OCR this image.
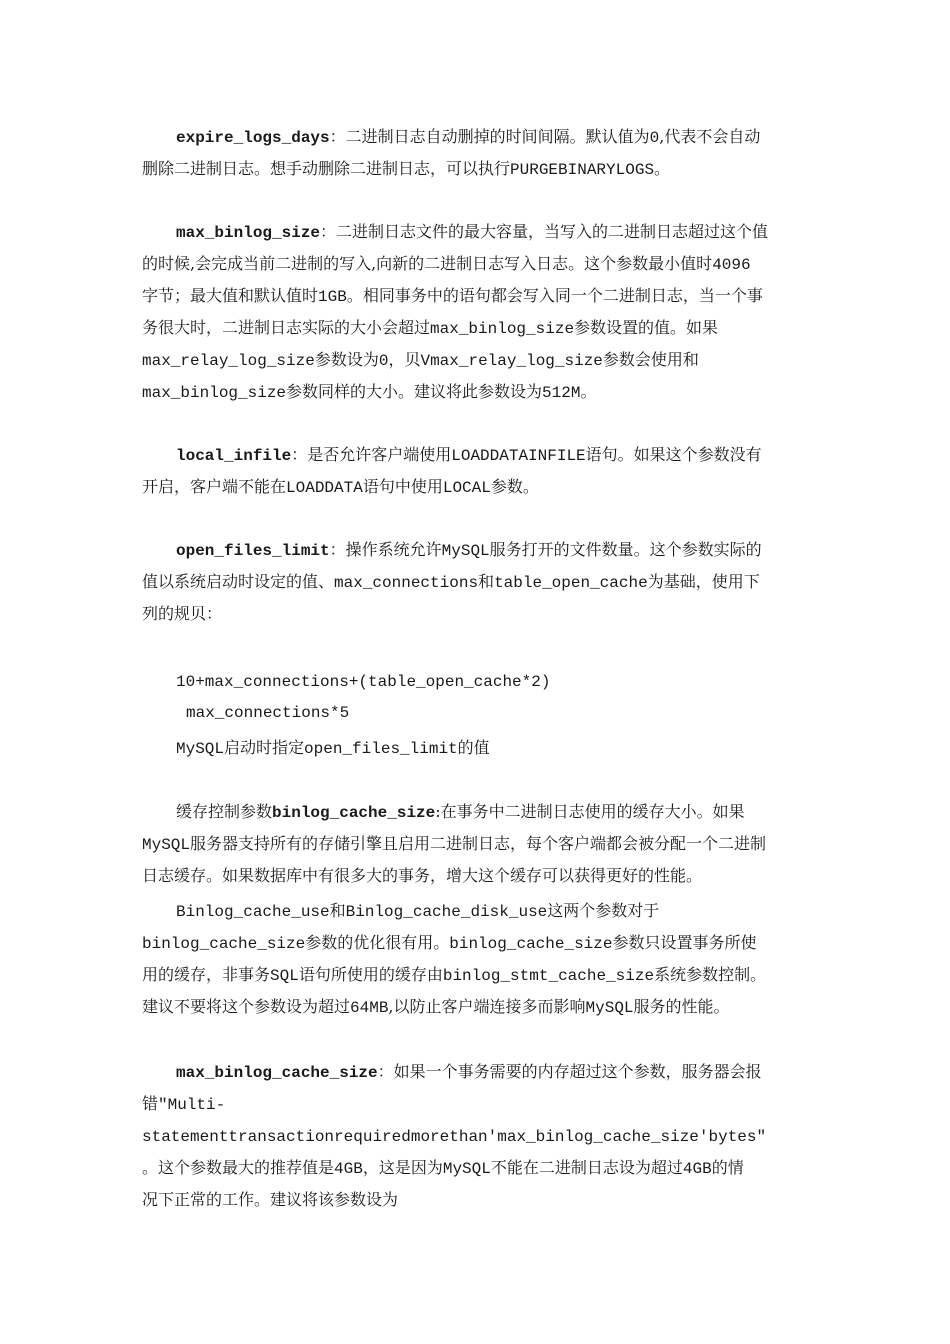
expire_logs_days：二进制日志自动删掉的时间间隔。默认值为0,代表不会自动
删除二进制日志。想手动删除二进制日志，可以执行PURGEBINARYLOGS。
max_binlog_size：二进制日志文件的最大容量，当写入的二进制日志超过这个值
的时候,会完成当前二进制的写入,向新的二进制日志写入日志。这个参数最小值时4096
字节；最大值和默认值时1GB。相同事务中的语句都会写入同一个二进制日志，当一个事
务很大时，二进制日志实际的大小会超过max_binlog_size参数设置的值。如果
max_relay_log_size参数设为0，贝Vmax_relay_log_size参数会使用和
max_binlog_size参数同样的大小。建议将此参数设为512M。
local_infile：是否允许客户端使用LOADDATAINFILE语句。如果这个参数没有
开启，客户端不能在LOADDATA语句中使用LOCAL参数。
open_files_limit：操作系统允许MySQL服务打开的文件数量。这个参数实际的
值以系统启动时设定的值、max_connections和table_open_cache为基础，使用下
列的规贝：
10+max_connections+(table_open_cache*2)
max_connections*5
MySQL启动时指定open_files_limit的值
缓存控制参数binlog_cache_size:在事务中二进制日志使用的缓存大小。如果
MySQL服务器支持所有的存储引擎且启用二进制日志，每个客户端都会被分配一个二进制
日志缓存。如果数据库中有很多大的事务，增大这个缓存可以获得更好的性能。
Binlog_cache_use和Binlog_cache_disk_use这两个参数对于
binlog_cache_size参数的优化很有用。binlog_cache_size参数只设置事务所使
用的缓存，非事务SQL语句所使用的缓存由binlog_stmt_cache_size系统参数控制。
建议不要将这个参数设为超过64MB,以防止客户端连接多而影响MySQL服务的性能。
max_binlog_cache_size：如果一个事务需要的内存超过这个参数，服务器会报
错"Multi-
statementtransactionrequiredmorethan'max_binlog_cache_size'bytes"
。这个参数最大的推荐值是4GB，这是因为MySQL不能在二进制日志设为超过4GB的情
况下正常的工作。建议将该参数设为
